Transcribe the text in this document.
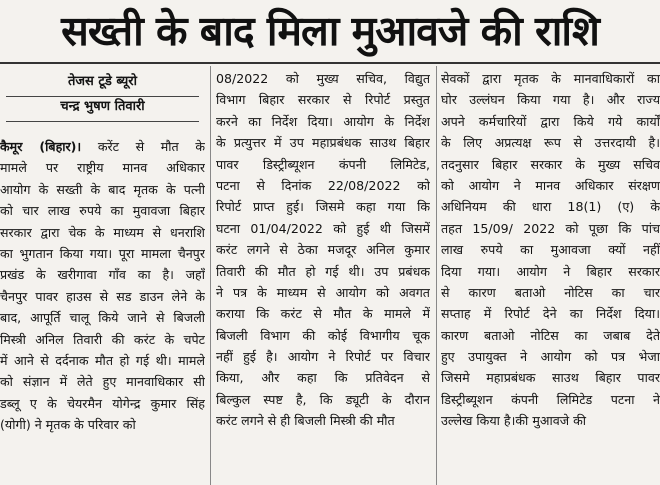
सख्ती के बाद मिला मुआवजे की राशि
तेजस टूडे ब्यूरो
चन्द्र भुषण तिवारी
कैमूर (बिहार)। करेंट से मौत के
मामले पर राष्ट्रीय मानव अधिकार
आयोग के सख्ती के बाद मृतक के पत्नी
को चार लाख रुपये का मुवावजा बिहार
सरकार द्वारा चेक के माध्यम से धनराशि
का भुगतान किया गया। पूरा मामला चैनपुर
प्रखंड के खरीगावा गाँव का है। जहाँ
चैनपुर पावर हाउस से सड डाउन लेने के
बाद, आपूर्ति चालू किये जाने से बिजली
मिस्त्री अनिल तिवारी की करंट के चपेट
में आने से दर्दनाक मौत हो गई थी। मामले
को संज्ञान में लेते हुए मानवाधिकार सी
डब्लू ए के चेयरमैन योगेन्द्र कुमार सिंह
(योगी) ने मृतक के परिवार को
08/2022 को मुख्य सचिव, विद्युत
विभाग बिहार सरकार से रिपोर्ट प्रस्तुत
करने का निर्देश दिया। आयोग के निर्देश
के प्रत्युत्तर में उप महाप्रबंधक साउथ बिहार
पावर डिस्ट्रीब्यूशन कंपनी लिमिटेड,
पटना से दिनांक 22/08/2022 को
रिपोर्ट प्राप्त हुई। जिसमे कहा गया कि
घटना 01/04/2022 को हुई थी जिसमें
करंट लगने से ठेका मजदूर अनिल कुमार
तिवारी की मौत हो गई थी। उप प्रबंधक
ने पत्र के माध्यम से आयोग को अवगत
कराया कि करंट से मौत के मामले में
बिजली विभाग की कोई विभागीय चूक
नहीं हुई है। आयोग ने रिपोर्ट पर विचार
किया, और कहा कि प्रतिवेदन से
बिल्कुल स्पष्ट है, कि ड्यूटी के दौरान
करंट लगने से ही बिजली मिस्त्री की मौत
सेवकों द्वारा मृतक के मानवाधिकारों का
घोर उल्लंघन किया गया है। और राज्य
अपने कर्मचारियों द्वारा किये गये कार्यों
के लिए अप्रत्यक्ष रूप से उत्तरदायी है।
तदनुसार बिहार सरकार के मुख्य सचिव
को आयोग ने मानव अधिकार संरक्षण
अधिनियम की धारा 18(1) (ए) के
तहत 15/09/ 2022 को पूछा कि पांच
लाख रुपये का मुआवजा क्यों नहीं
दिया गया। आयोग ने बिहार सरकार
से कारण बताओ नोटिस का चार
सप्ताह में रिपोर्ट देने का निर्देश दिया।
कारण बताओ नोटिस का जबाब देते
हुए उपायुक्त ने आयोग को पत्र भेजा
जिसमे महाप्रबंधक साउथ बिहार पावर
डिस्ट्रीब्यूशन कंपनी लिमिटेड पटना ने
उल्लेख किया है।की मुआवजे की
